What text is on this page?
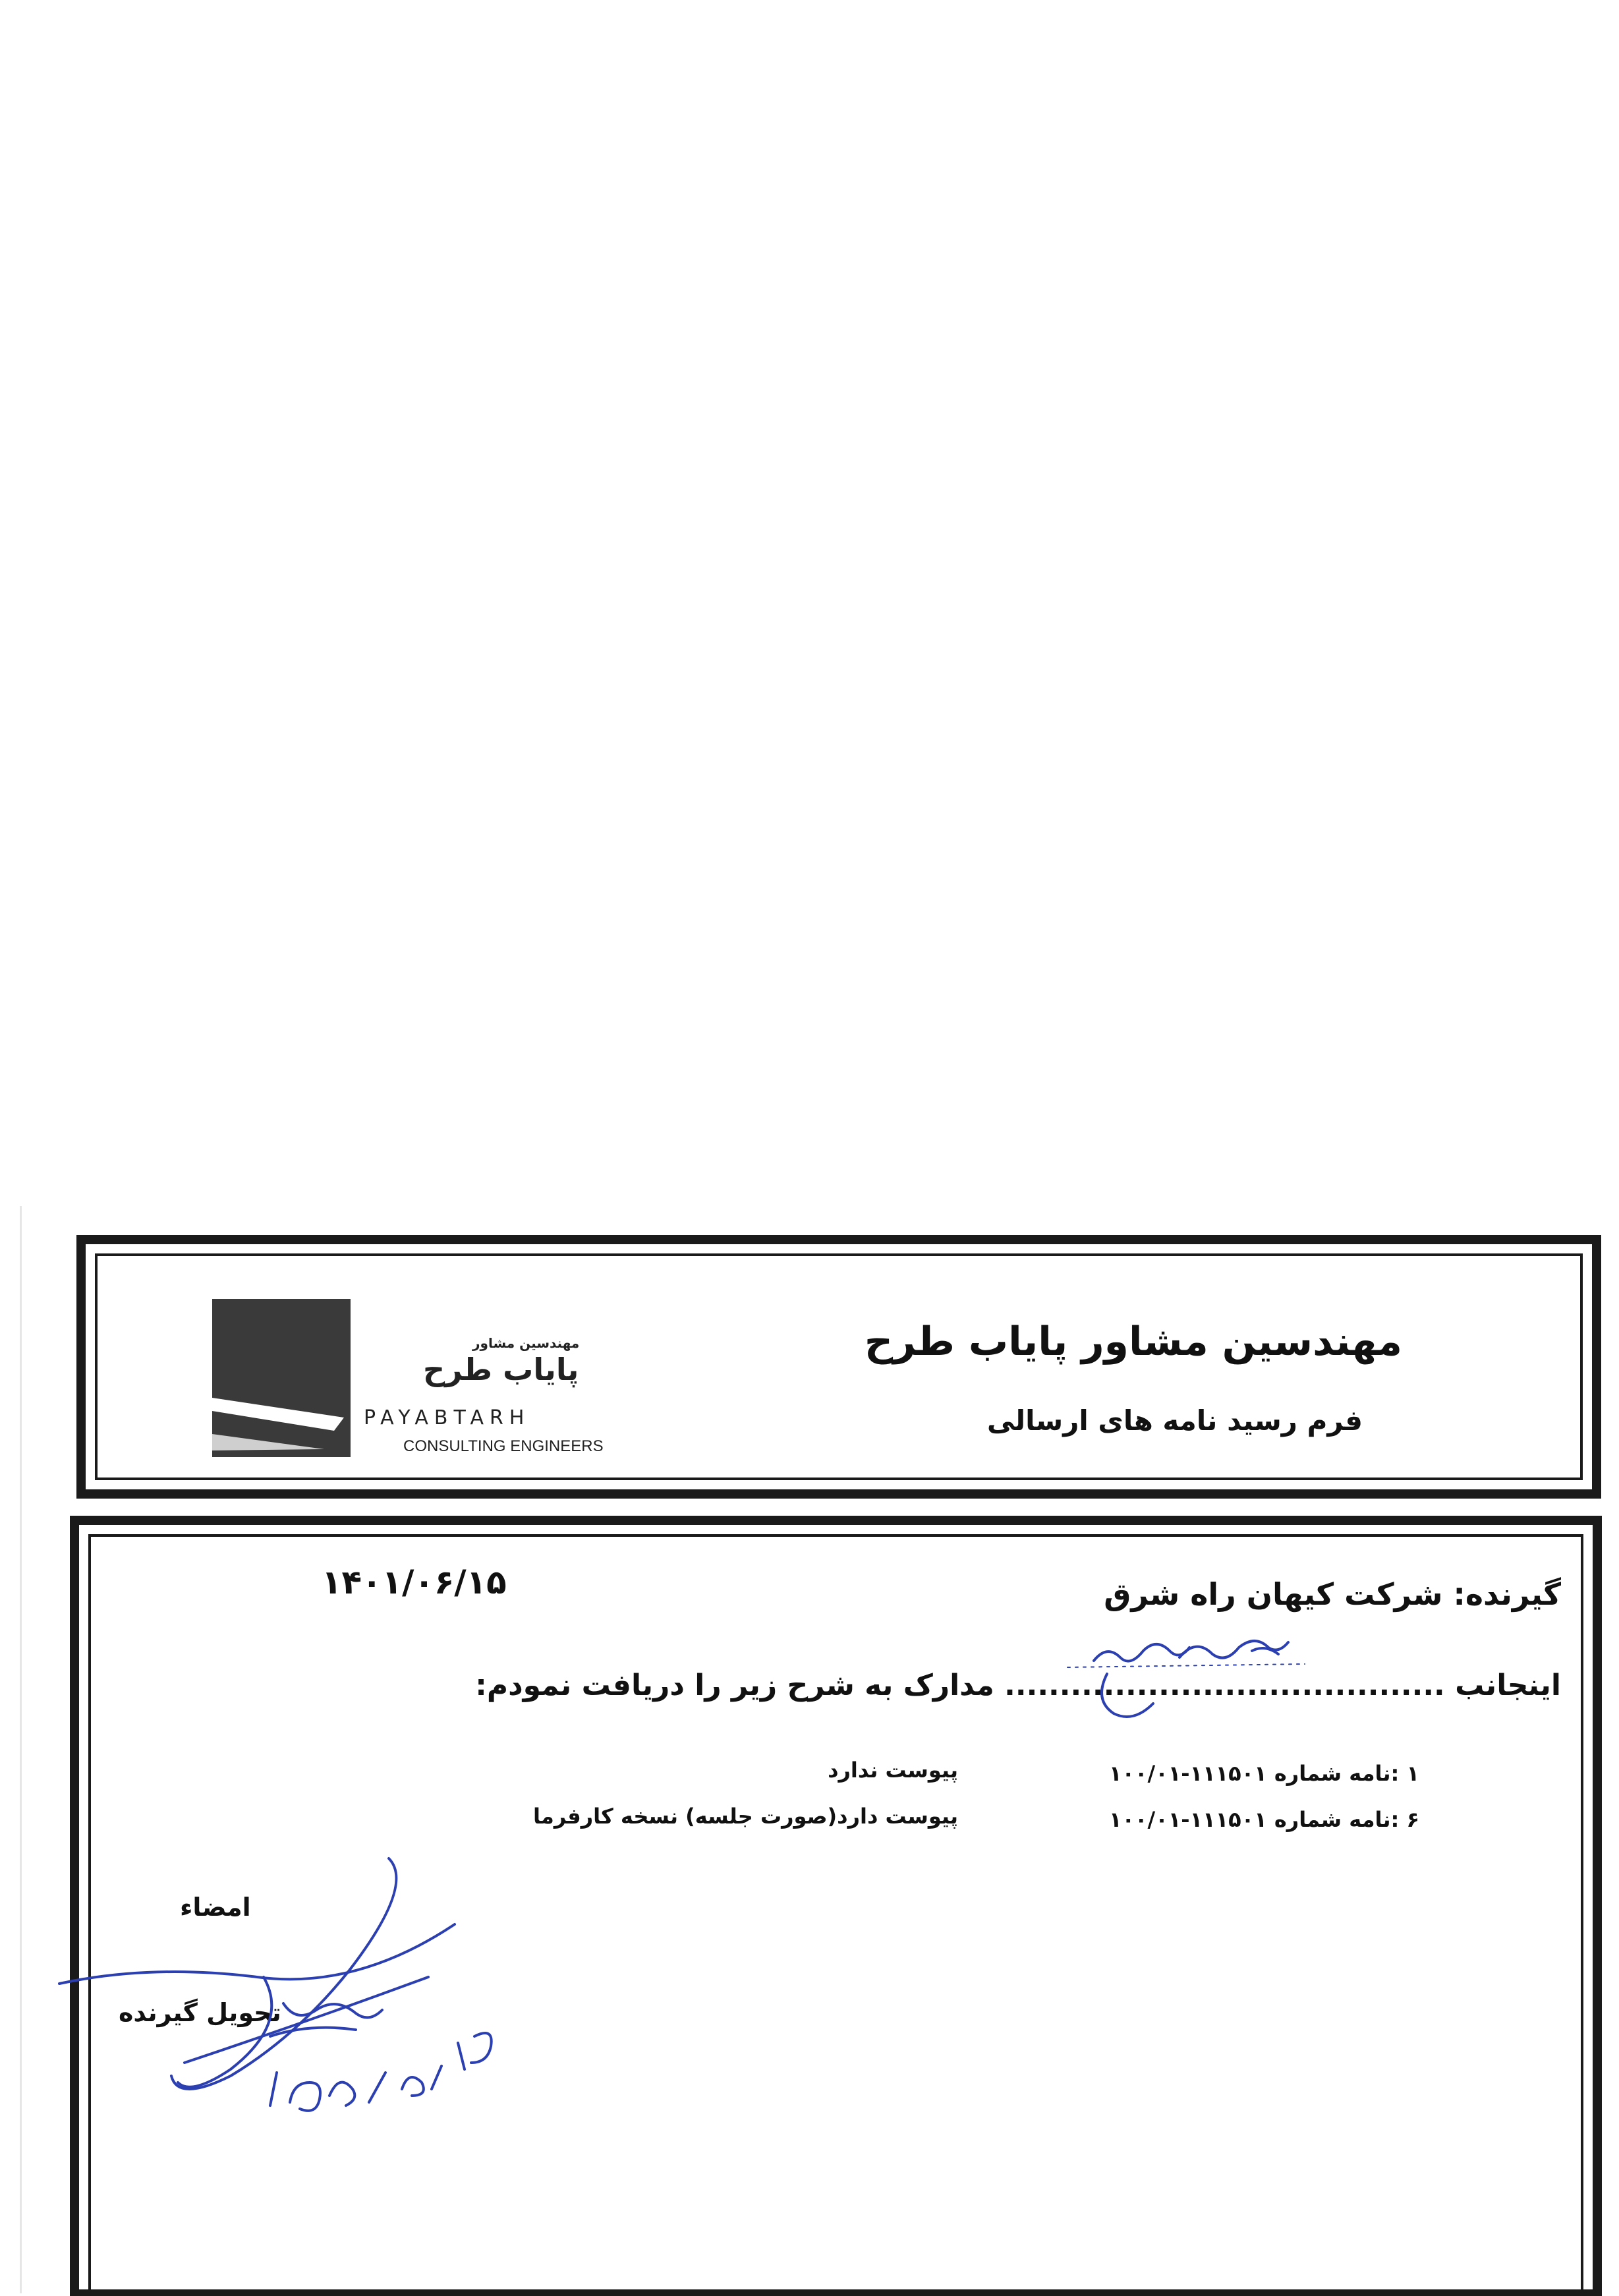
مهندسین مشاور
پایاب طرح
PAYABTARH
CONSULTING ENGINEERS
مهندسین مشاور پایاب طرح
فرم رسید نامه های ارسالی
۱۴۰۱/۰۶/۱۵	گیرنده: شرکت کیهان راه شرق
اینجانب ........................................ مدارک به شرح زیر را دریافت نمودم:
۱ :نامه شماره ۱۱۱۵۰۱-۱۰۰/۰۱
پیوست ندارد
۶ :نامه شماره ۱۱۱۵۰۱-۱۰۰/۰۱
پیوست دارد(صورت جلسه) نسخه کارفرما
امضاء
تحویل گیرنده
